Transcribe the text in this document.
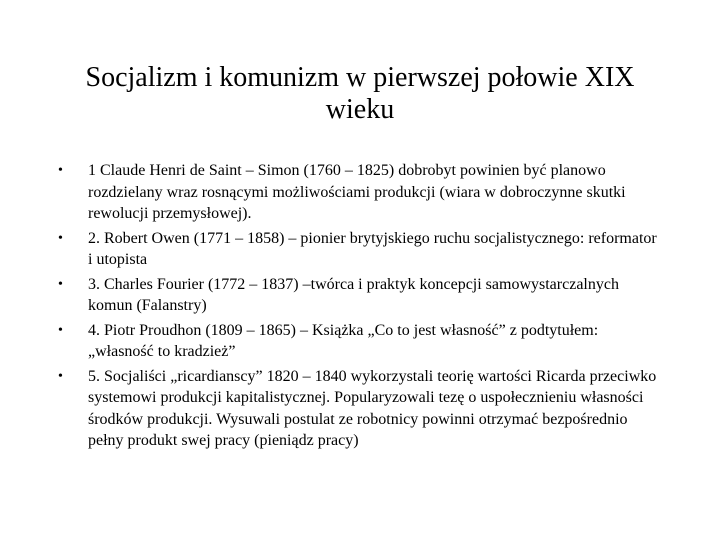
Socjalizm i komunizm w pierwszej połowie XIX wieku
•	1 Claude Henri de Saint – Simon (1760 – 1825) dobrobyt powinien być planowo rozdzielany wraz rosnącymi możliwościami produkcji (wiara w dobroczynne skutki rewolucji przemysłowej).
•	2. Robert Owen (1771 – 1858) – pionier brytyjskiego ruchu socjalistycznego: reformator i utopista
•	3. Charles Fourier (1772 – 1837) –twórca i praktyk koncepcji samowystarczalnych komun (Falanstry)
•	4. Piotr Proudhon (1809 – 1865) – Książka „Co to jest własność” z podtytułem: „własność to kradzież”
•	5. Socjaliści „ricardianscy” 1820 – 1840 wykorzystali teorię wartości Ricarda przeciwko systemowi produkcji kapitalistycznej. Popularyzowali tezę o uspołecznieniu własności środków produkcji. Wysuwali postulat ze robotnicy powinni otrzymać bezpośrednio pełny produkt swej pracy (pieniądz pracy)
